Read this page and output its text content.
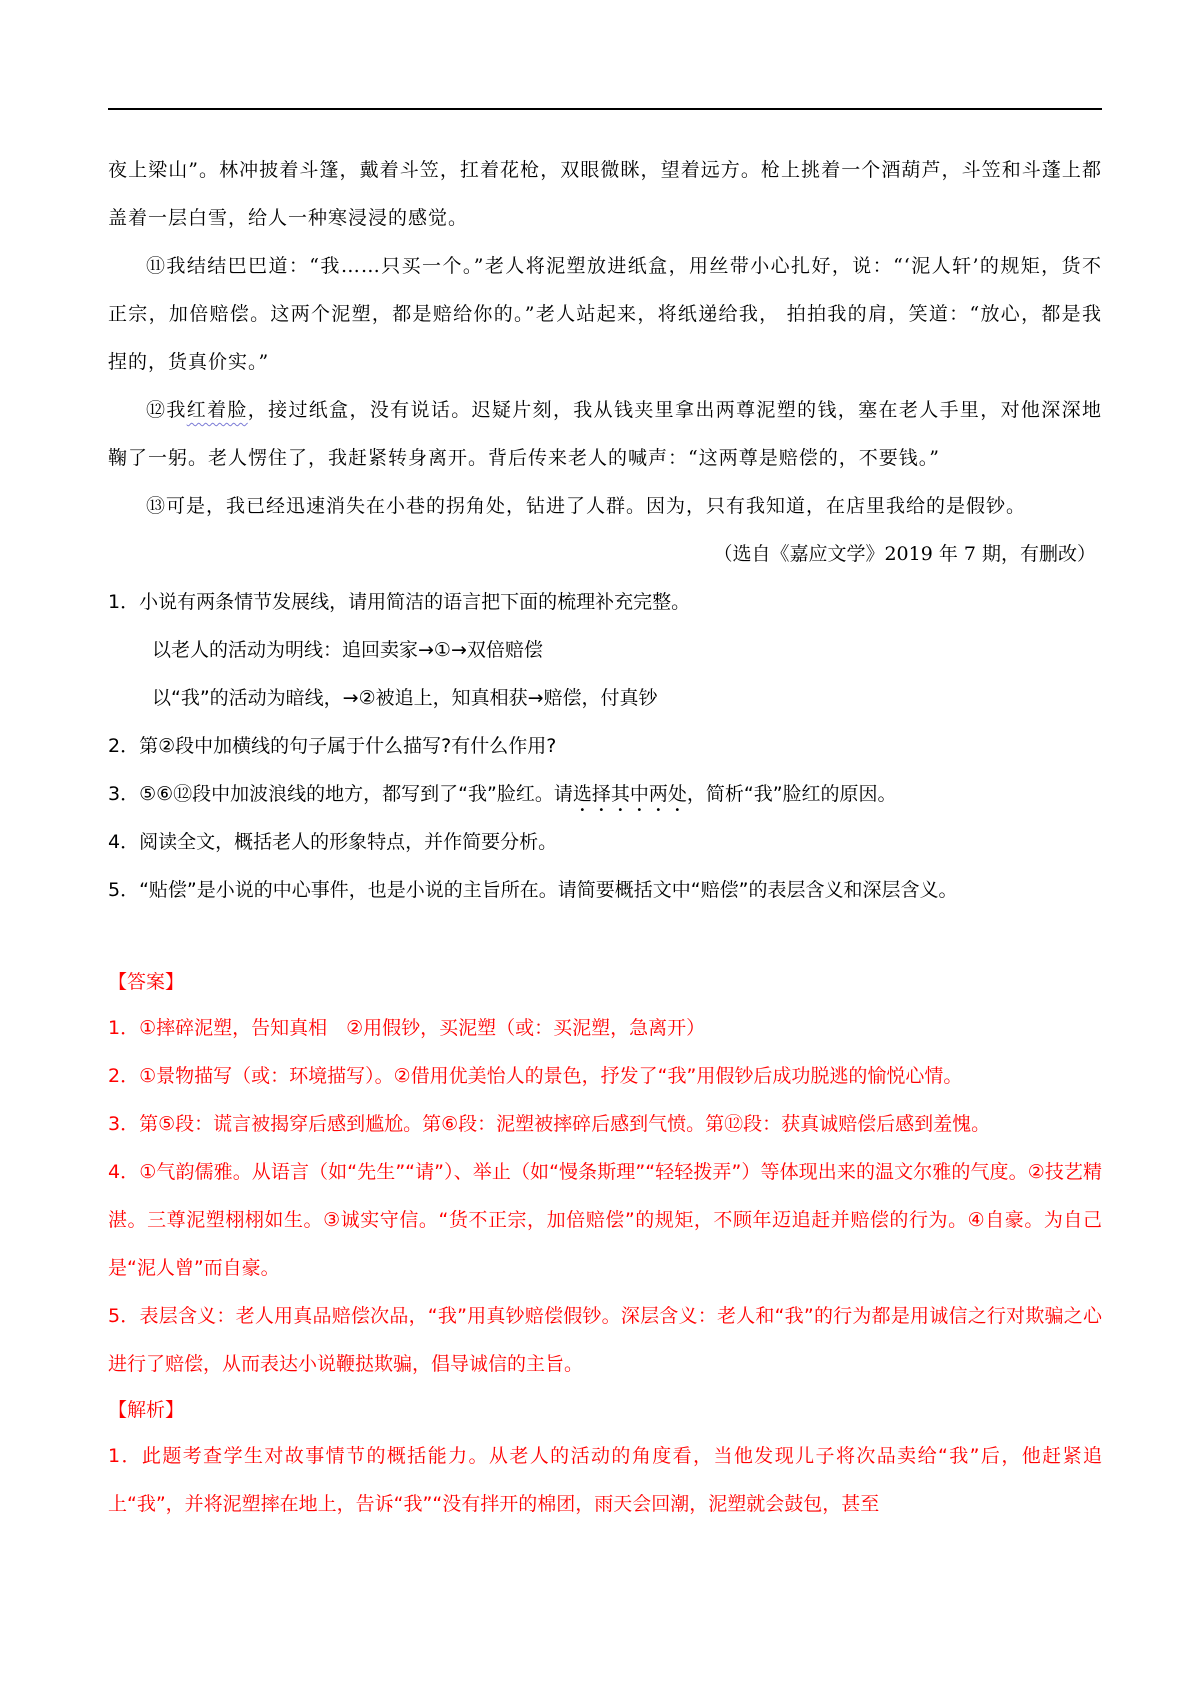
夜上梁山”。林冲披着斗篷，戴着斗笠，扛着花枪，双眼微眯，望着远方。枪上挑着一个酒葫芦，斗笠和斗蓬上都盖着一层白雪，给人一种寒浸浸的感觉。

⑪我结结巴巴道：“我……只买一个。”老人将泥塑放进纸盒，用丝带小心扎好，说：“‘泥人轩’的规矩，货不正宗，加倍赔偿。这两个泥塑，都是赔给你的。”老人站起来，将纸递给我， 拍拍我的肩，笑道：“放心，都是我捏的，货真价实。”

⑫我红着脸，接过纸盒，没有说话。迟疑片刻，我从钱夹里拿出两尊泥塑的钱，塞在老人手里，对他深深地鞠了一躬。老人愣住了，我赶紧转身离开。背后传来老人的喊声：“这两尊是赔偿的，不要钱。”

⑬可是，我已经迅速消失在小巷的拐角处，钻进了人群。因为，只有我知道，在店里我给的是假钞。

（选自《嘉应文学》2019 年 7 期，有删改）

1．小说有两条情节发展线，请用简洁的语言把下面的梳理补充完整。

以老人的活动为明线：追回卖家→①→双倍赔偿

以“我”的活动为暗线，→②被追上，知真相获→赔偿，付真钞

2．第②段中加横线的句子属于什么描写?有什么作用?

3．⑤⑥⑫段中加波浪线的地方，都写到了“我”脸红。请选择其中两处，简析“我”脸红的原因。

4．阅读全文，概括老人的形象特点，并作简要分析。

5．“贴偿”是小说的中心事件，也是小说的主旨所在。请简要概括文中“赔偿”的表层含义和深层含义。

【答案】

1．①摔碎泥塑，告知真相　②用假钞，买泥塑（或：买泥塑，急离开）

2．①景物描写（或：环境描写）。②借用优美怡人的景色，抒发了“我”用假钞后成功脱逃的愉悦心情。

3．第⑤段：谎言被揭穿后感到尴尬。第⑥段：泥塑被摔碎后感到气愤。第⑫段：获真诚赔偿后感到羞愧。

4．①气韵儒雅。从语言（如“先生”“请”）、举止（如“慢条斯理”“轻轻拨弄”）等体现出来的温文尔雅的气度。②技艺精湛。三尊泥塑栩栩如生。③诚实守信。“货不正宗，加倍赔偿”的规矩，不顾年迈追赶并赔偿的行为。④自豪。为自己是“泥人曾”而自豪。

5．表层含义：老人用真品赔偿次品，“我”用真钞赔偿假钞。深层含义：老人和“我”的行为都是用诚信之行对欺骗之心进行了赔偿，从而表达小说鞭挞欺骗，倡导诚信的主旨。

【解析】

1．此题考查学生对故事情节的概括能力。从老人的活动的角度看，当他发现儿子将次品卖给“我”后，他赶紧追上“我”，并将泥塑摔在地上，告诉“我”“没有拌开的棉团，雨天会回潮，泥塑就会鼓包，甚至
